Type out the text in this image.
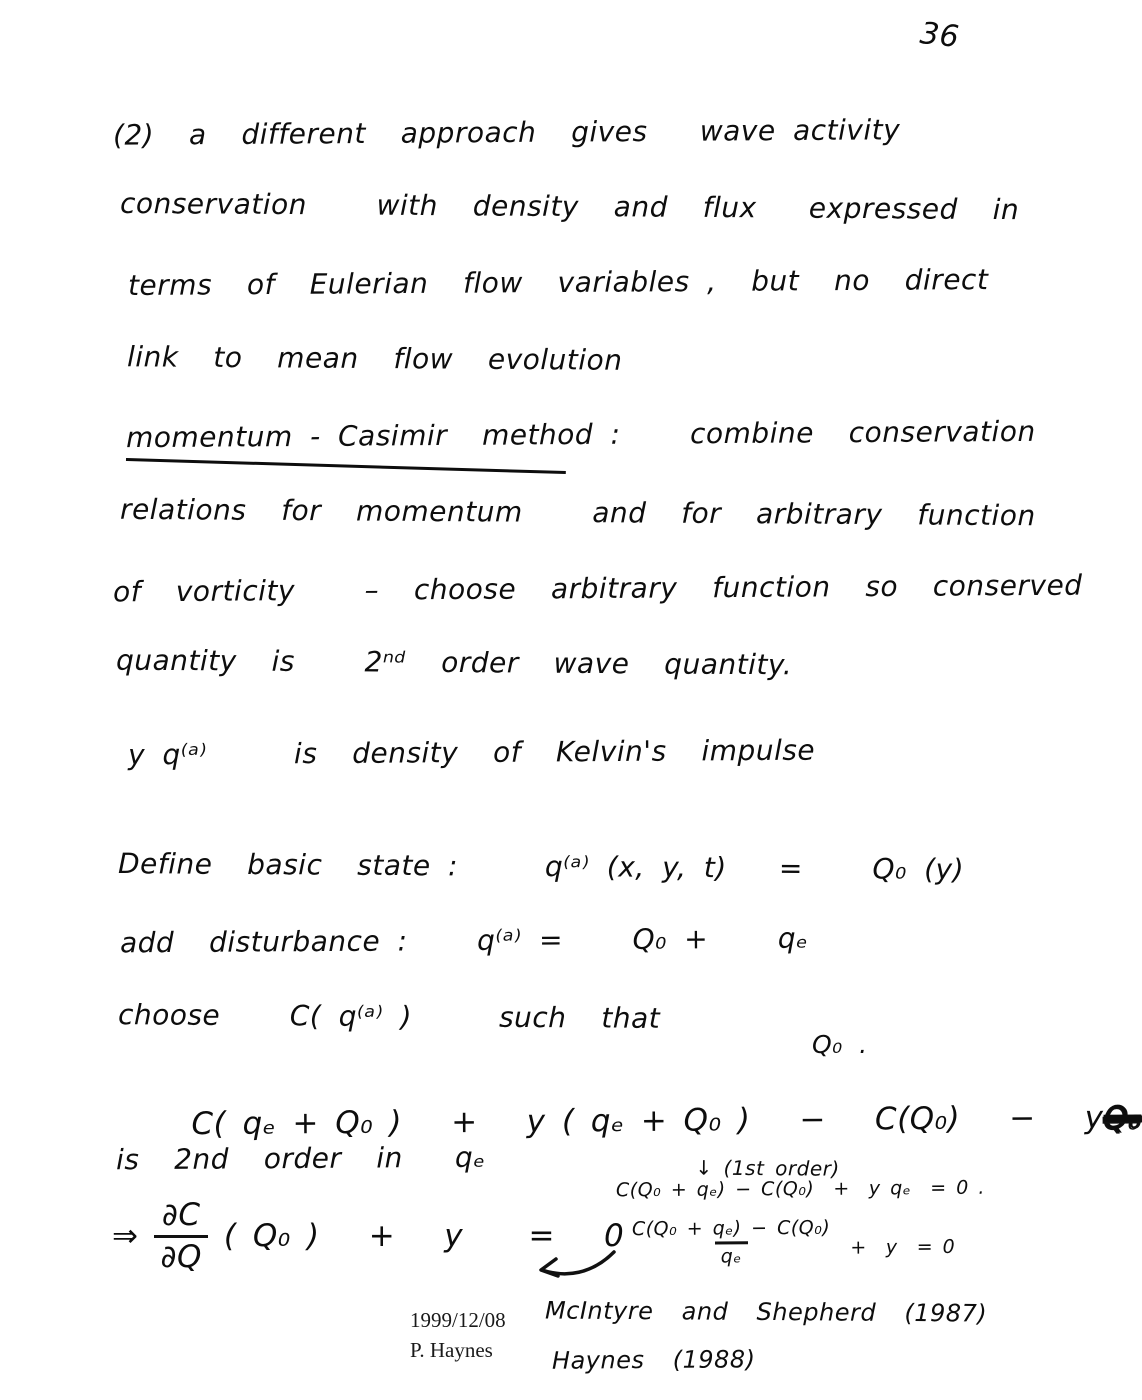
36
(2)  a  different  approach  gives   wave activity
conservation    with  density  and  flux   expressed  in
terms  of  Eulerian  flow  variables ,  but  no  direct
link  to  mean  flow  evolution
momentum - Casimir  method :    combine  conservation
relations  for  momentum    and  for  arbitrary  function
of  vorticity    –  choose  arbitrary  function  so  conserved
quantity  is    2ⁿᵈ  order  wave  quantity.
y q⁽ᵃ⁾     is  density  of  Kelvin's  impulse
Define  basic  state :     q⁽ᵃ⁾ (x, y, t)   =    Q₀ (y)
add  disturbance :    q⁽ᵃ⁾ =    Q₀ +    qₑ
choose    C( q⁽ᵃ⁾ )     such  that
Q₀ .

C( qₑ + Q₀ )   +   y ( qₑ + Q₀ )   −   C(Q₀)   −   yQ₀

is  2nd  order  in   qₑ	↓ (1st order)

C(Q₀ + qₑ) − C(Q₀)  +  y qₑ  = 0 .
⇒ $\frac{\partial C}{\partial Q}$ ( Q₀ )   +   y    =   $0 \frac{\text{C(Q₀ + qₑ) − C(Q₀)}}{\text{qₑ}} + y = 0$
1999/12/08
P. Haynes
McIntyre  and  Shepherd  (1987)
Haynes  (1988)
